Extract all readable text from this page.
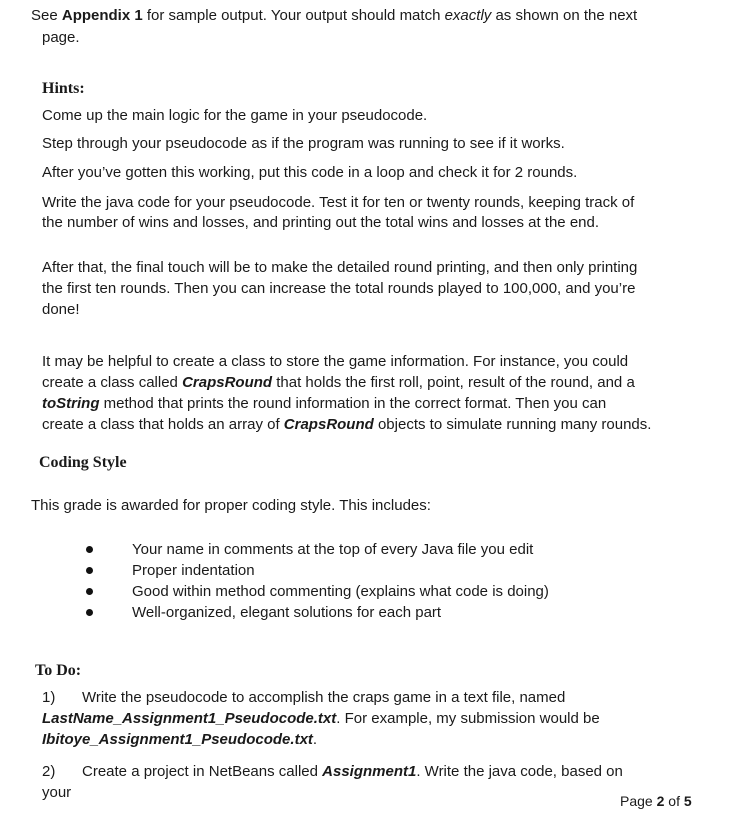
See Appendix 1 for sample output. Your output should match exactly as shown on the next
page.
Hints:
Come up the main logic for the game in your pseudocode.
Step through your pseudocode as if the program was running to see if it works.
After you’ve gotten this working, put this code in a loop and check it for 2 rounds.
Write the java code for your pseudocode. Test it for ten or twenty rounds, keeping track of
the number of wins and losses, and printing out the total wins and losses at the end.
After that, the final touch will be to make the detailed round printing, and then only printing
the first ten rounds. Then you can increase the total rounds played to 100,000, and you’re
done!
It may be helpful to create a class to store the game information. For instance, you could
create a class called CrapsRound that holds the first roll, point, result of the round, and a
toString method that prints the round information in the correct format. Then you can
create a class that holds an array of CrapsRound objects to simulate running many rounds.
Coding Style
This grade is awarded for proper coding style. This includes:
Your name in comments at the top of every Java file you edit
Proper indentation
Good within method commenting (explains what code is doing)
Well-organized, elegant solutions for each part
To Do:
1) Write the pseudocode to accomplish the craps game in a text file, named
LastName_Assignment1_Pseudocode.txt. For example, my submission would be
Ibitoye_Assignment1_Pseudocode.txt.
2) Create a project in NetBeans called Assignment1. Write the java code, based on
your	Page 2 of 5
